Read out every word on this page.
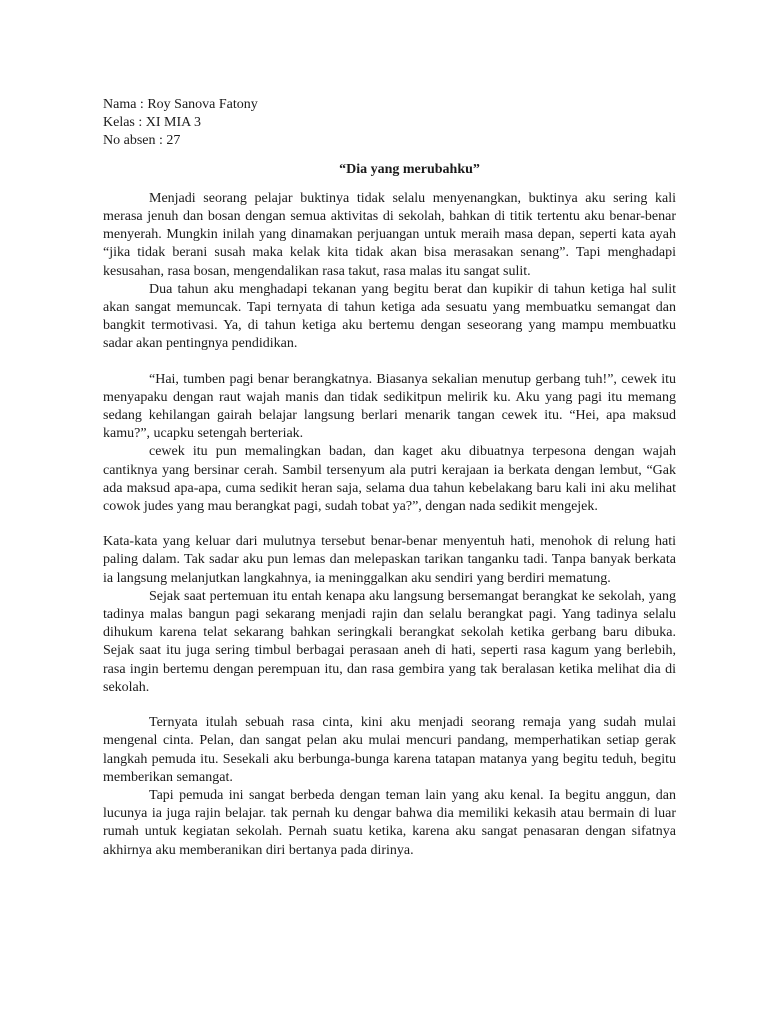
Nama : Roy Sanova Fatony

Kelas : XI MIA 3

No absen : 27

“Dia yang merubahku”

Menjadi seorang pelajar buktinya tidak selalu menyenangkan, buktinya aku sering kali merasa jenuh dan bosan dengan semua aktivitas di sekolah, bahkan di titik tertentu aku benar-benar menyerah. Mungkin inilah yang dinamakan perjuangan untuk meraih masa depan, seperti kata ayah “jika tidak berani susah maka kelak kita tidak akan bisa merasakan senang”. Tapi menghadapi kesusahan, rasa bosan, mengendalikan rasa takut, rasa malas itu sangat sulit.

Dua tahun aku menghadapi tekanan yang begitu berat dan kupikir di tahun ketiga hal sulit akan sangat memuncak. Tapi ternyata di tahun ketiga ada sesuatu yang membuatku semangat dan bangkit termotivasi. Ya, di tahun ketiga aku bertemu dengan seseorang yang mampu membuatku sadar akan pentingnya pendidikan.

“Hai, tumben pagi benar berangkatnya. Biasanya sekalian menutup gerbang tuh!”, cewek itu menyapaku dengan raut wajah manis dan tidak sedikitpun melirik ku. Aku yang pagi itu memang sedang kehilangan gairah belajar langsung berlari menarik tangan cewek itu. “Hei, apa maksud kamu?”, ucapku setengah berteriak.

cewek itu pun memalingkan badan, dan kaget aku dibuatnya terpesona dengan wajah cantiknya yang bersinar cerah. Sambil tersenyum ala putri kerajaan ia berkata dengan lembut, “Gak ada maksud apa-apa, cuma sedikit heran saja, selama dua tahun kebelakang baru kali ini aku melihat cowok judes yang mau berangkat pagi, sudah tobat ya?”, dengan nada sedikit mengejek.

Kata-kata yang keluar dari mulutnya tersebut benar-benar menyentuh hati, menohok di relung hati paling dalam. Tak sadar aku pun lemas dan melepaskan tarikan tanganku tadi. Tanpa banyak berkata ia langsung melanjutkan langkahnya, ia meninggalkan aku sendiri yang berdiri mematung.

Sejak saat pertemuan itu entah kenapa aku langsung bersemangat berangkat ke sekolah, yang tadinya malas bangun pagi sekarang menjadi rajin dan selalu berangkat pagi. Yang tadinya selalu dihukum karena telat sekarang bahkan seringkali berangkat sekolah ketika gerbang baru dibuka. Sejak saat itu juga sering timbul berbagai perasaan aneh di hati, seperti rasa kagum yang berlebih, rasa ingin bertemu dengan perempuan itu, dan rasa gembira yang tak beralasan ketika melihat dia di sekolah.

Ternyata itulah sebuah rasa cinta, kini aku menjadi seorang remaja yang sudah mulai mengenal cinta. Pelan, dan sangat pelan aku mulai mencuri pandang, memperhatikan setiap gerak langkah pemuda itu. Sesekali aku berbunga-bunga karena tatapan matanya yang begitu teduh, begitu memberikan semangat.

Tapi pemuda ini sangat berbeda dengan teman lain yang aku kenal. Ia begitu anggun, dan lucunya ia juga rajin belajar. tak pernah ku dengar bahwa dia memiliki kekasih atau bermain di luar rumah untuk kegiatan sekolah. Pernah suatu ketika, karena aku sangat penasaran dengan sifatnya akhirnya aku memberanikan diri bertanya pada dirinya.
